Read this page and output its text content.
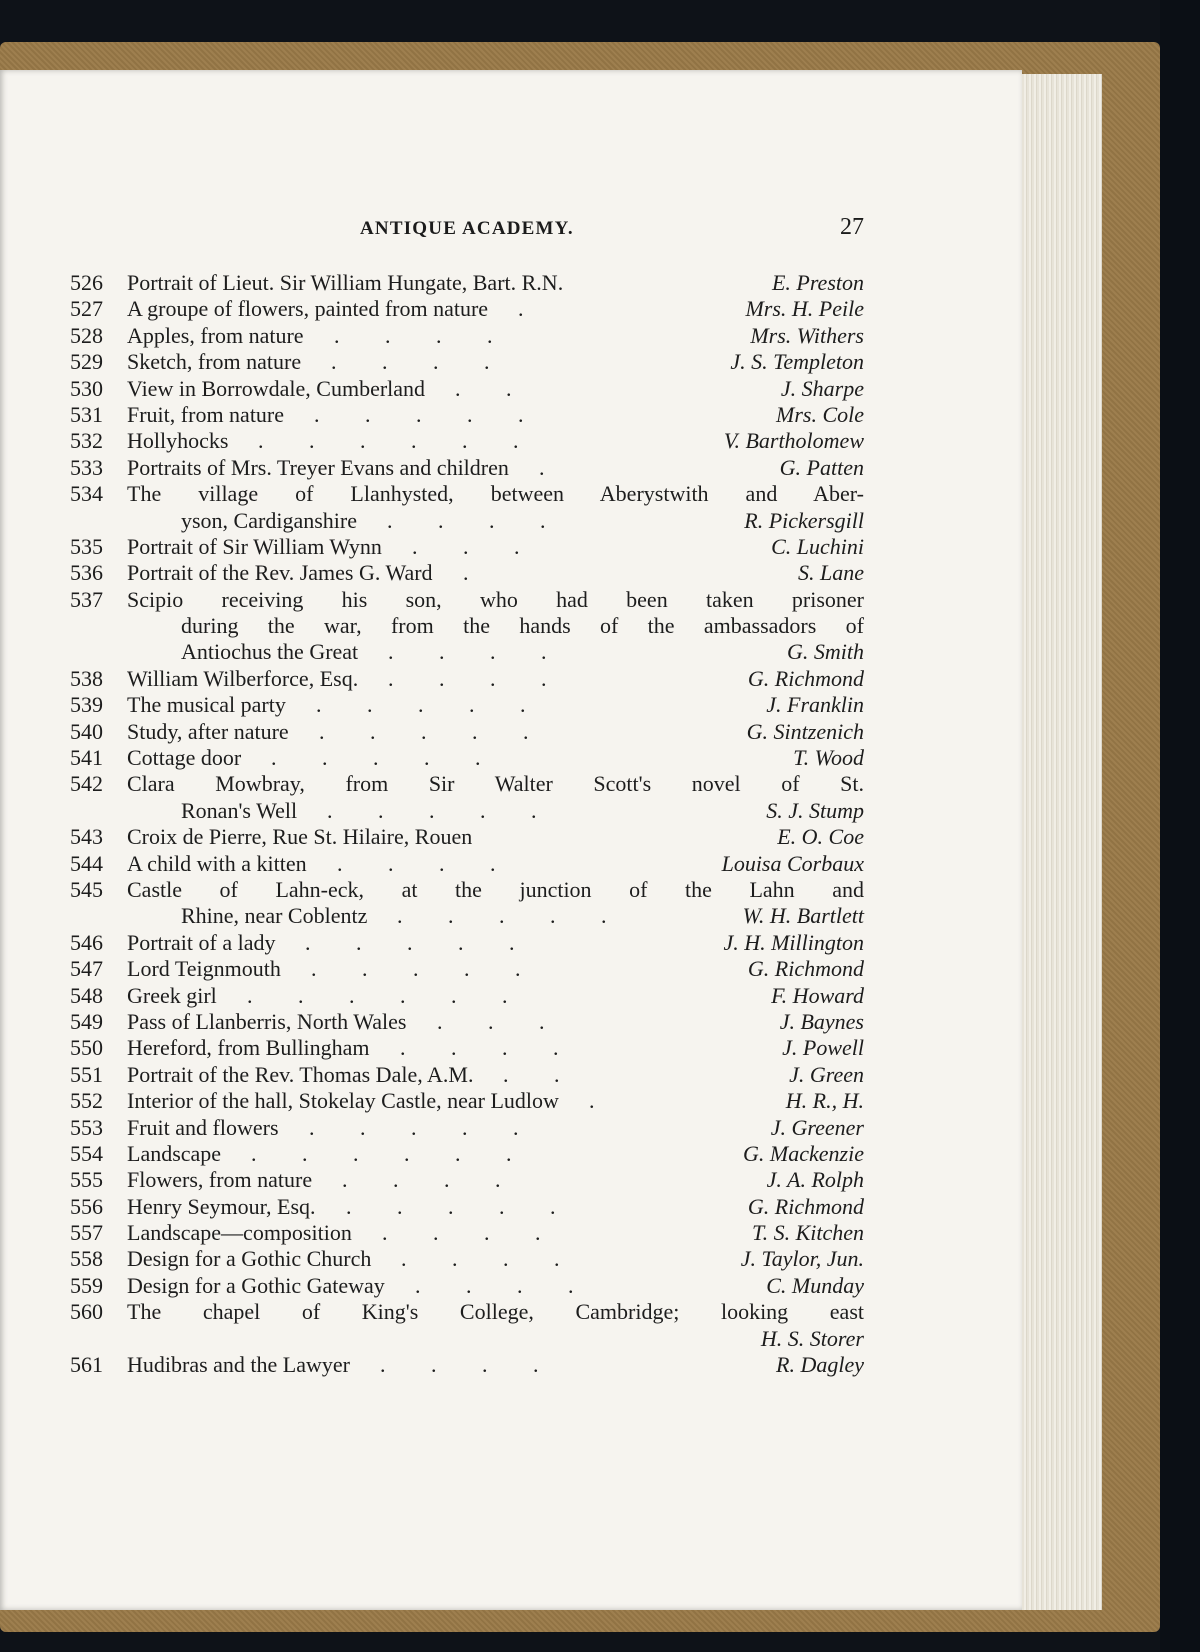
ANTIQUE ACADEMY.	27
526	Portrait of Lieut. Sir William Hungate, Bart. R.N.	E. Preston
527	A groupe of flowers, painted from nature .	Mrs. H. Peile
528	Apples, from nature . . . .	Mrs. Withers
529	Sketch, from nature . . . .	J. S. Templeton
530	View in Borrowdale, Cumberland . .	J. Sharpe
531	Fruit, from nature . . . . .	Mrs. Cole
532	Hollyhocks . . . . . .	V. Bartholomew
533	Portraits of Mrs. Treyer Evans and children .	G. Patten
534	The village of Llanhysted, between Aberystwith and Aber-
yson, Cardiganshire . . . .	R. Pickersgill
535	Portrait of Sir William Wynn . . .	C. Luchini
536	Portrait of the Rev. James G. Ward .	S. Lane
537	Scipio receiving his son, who had been taken prisoner
during the war, from the hands of the ambassadors of
Antiochus the Great . . . .	G. Smith
538	William Wilberforce, Esq. . . . .	G. Richmond
539	The musical party . . . . .	J. Franklin
540	Study, after nature . . . . .	G. Sintzenich
541	Cottage door . . . . .	T. Wood
542	Clara Mowbray, from Sir Walter Scott's novel of St.
Ronan's Well . . . . .	S. J. Stump
543	Croix de Pierre, Rue St. Hilaire, Rouen	E. O. Coe
544	A child with a kitten . . . .	Louisa Corbaux
545	Castle of Lahn-eck, at the junction of the Lahn and
Rhine, near Coblentz . . . . .	W. H. Bartlett
546	Portrait of a lady . . . . .	J. H. Millington
547	Lord Teignmouth . . . . .	G. Richmond
548	Greek girl . . . . . .	F. Howard
549	Pass of Llanberris, North Wales . . .	J. Baynes
550	Hereford, from Bullingham . . . .	J. Powell
551	Portrait of the Rev. Thomas Dale, A.M. . .	J. Green
552	Interior of the hall, Stokelay Castle, near Ludlow .	H. R., H.
553	Fruit and flowers . . . . .	J. Greener
554	Landscape . . . . . .	G. Mackenzie
555	Flowers, from nature . . . .	J. A. Rolph
556	Henry Seymour, Esq. . . . . .	G. Richmond
557	Landscape—composition . . . .	T. S. Kitchen
558	Design for a Gothic Church . . . .	J. Taylor, Jun.
559	Design for a Gothic Gateway . . . .	C. Munday
560	The chapel of King's College, Cambridge; looking east
H. S. Storer
561	Hudibras and the Lawyer . . . .	R. Dagley
